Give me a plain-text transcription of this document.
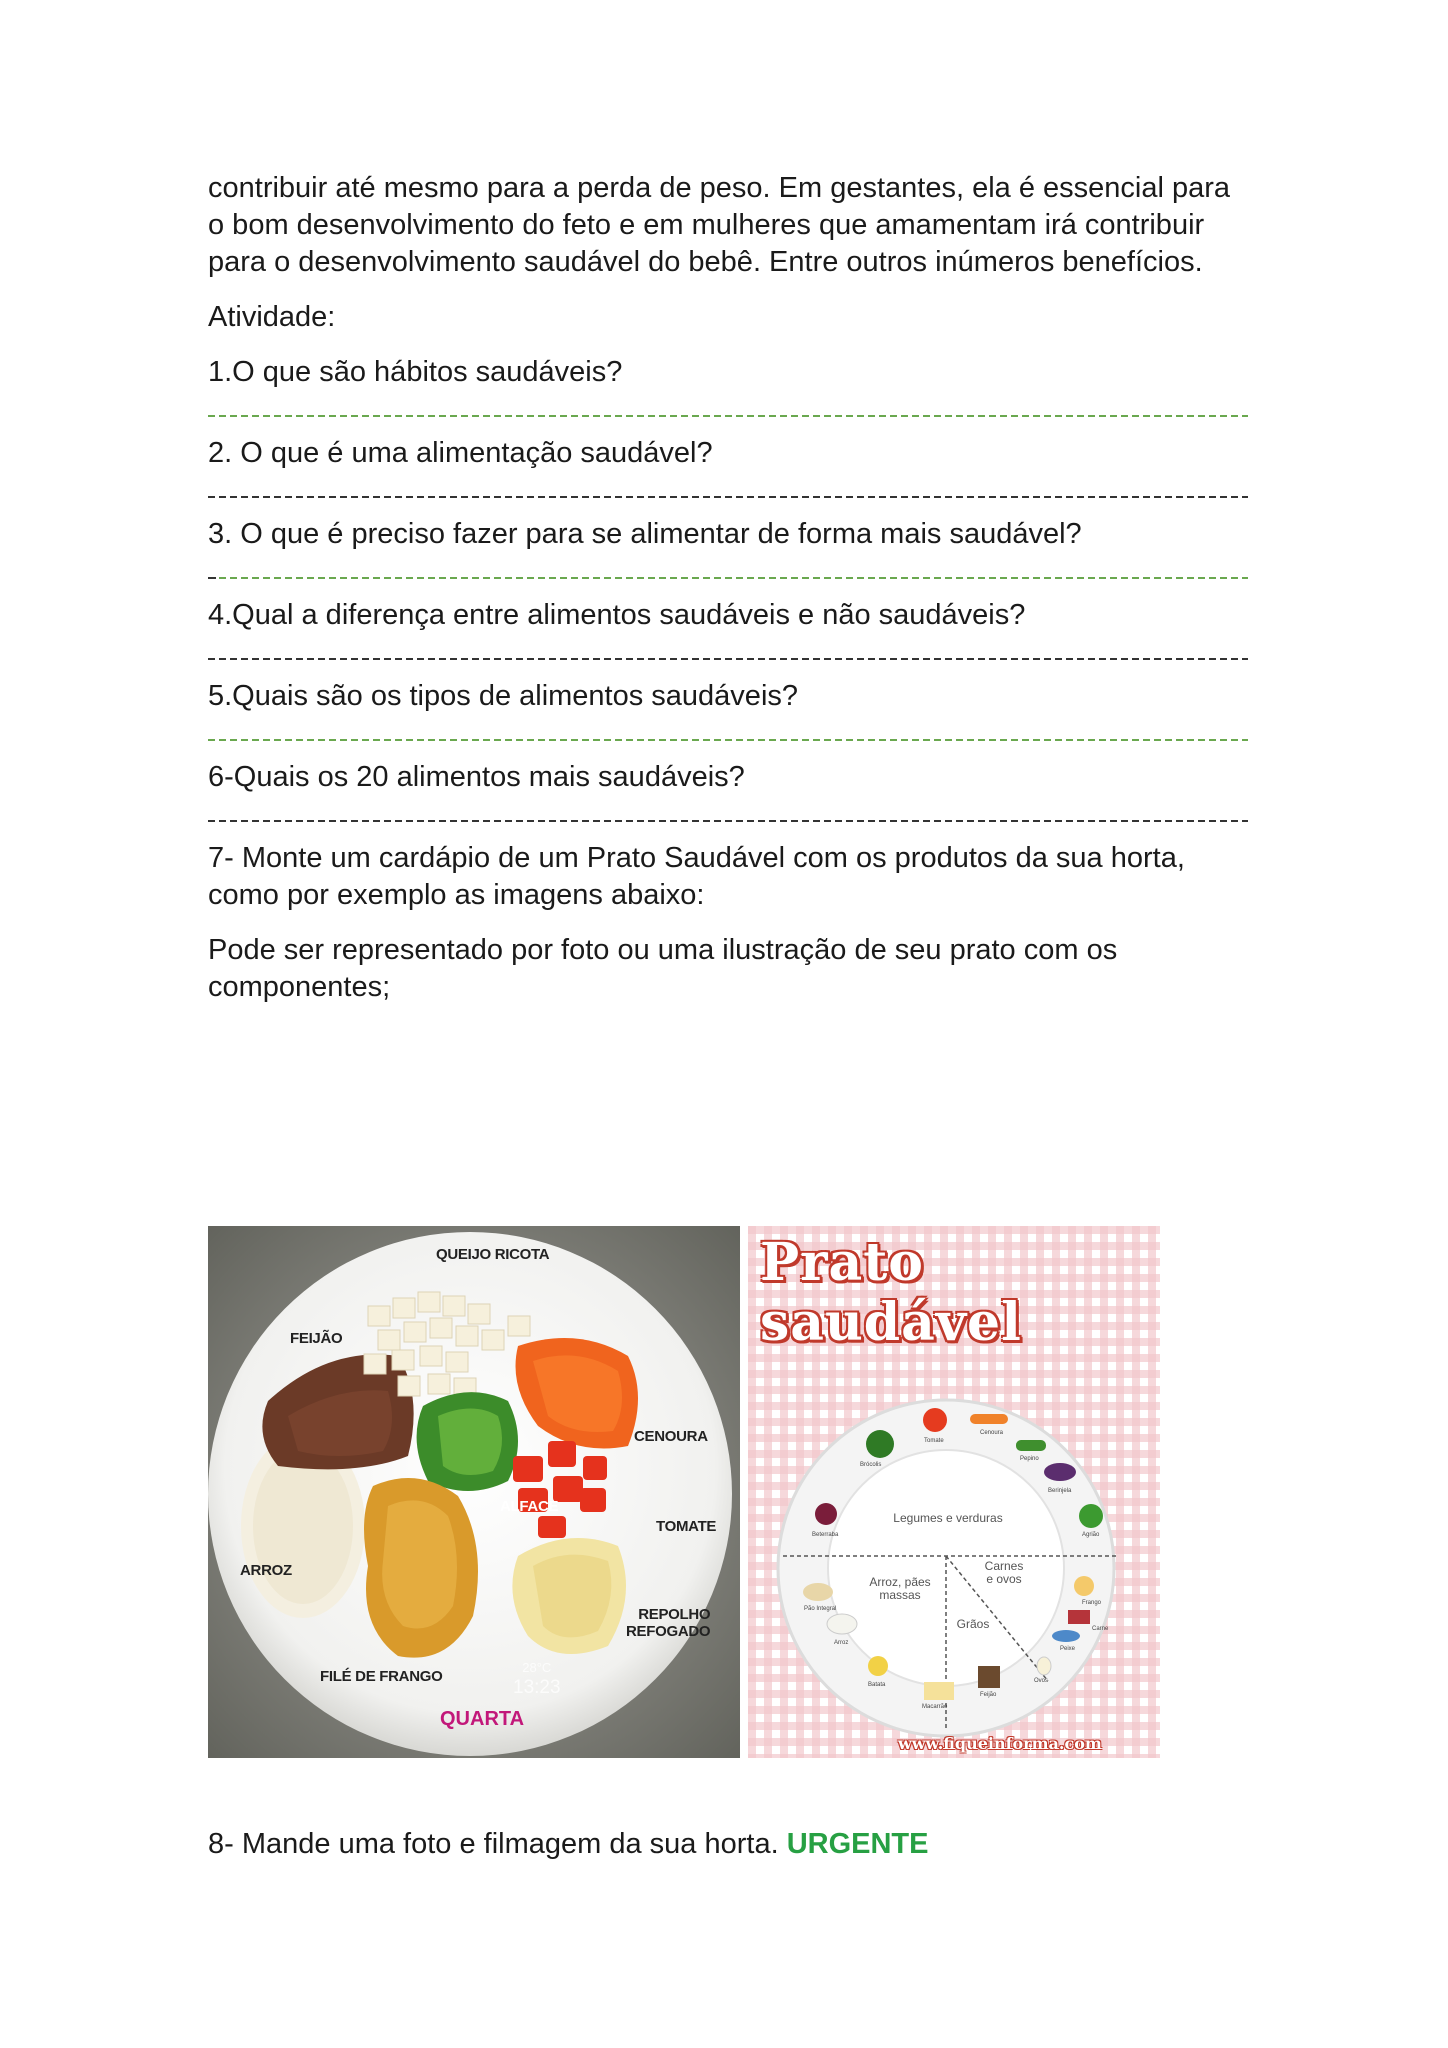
contribuir até mesmo para a perda de peso. Em gestantes, ela é essencial para o bom desenvolvimento do feto e em mulheres que amamentam irá contribuir para o desenvolvimento saudável do bebê. Entre outros inúmeros benefícios.

Atividade:

1.O que são hábitos saudáveis?

2. O que é uma alimentação saudável?

3. O que é preciso fazer para se alimentar de forma mais saudável?

4.Qual a diferença entre alimentos saudáveis e não saudáveis?

5.Quais são os tipos de alimentos saudáveis?

6-Quais os 20 alimentos mais saudáveis?

7- Monte um cardápio de um Prato Saudável com os produtos da sua horta, como por exemplo as imagens abaixo:

Pode ser representado por foto ou uma ilustração de seu prato com os componentes;

QUEIJO RICOTA
FEIJÃO
CENOURA
ALFACE
TOMATE
ARROZ
REPOLHO
REFOGADO
FILÉ DE FRANGO
28°C
13:23
QUARTA
Prato
saudável
Legumes e verduras
Arroz, pães
massas
Carnes
e ovos
Grãos
Brócolis
Tomate
Cenoura
Pepino
Berinjela
Agrião
Beterraba
Pão Integral
Arroz
Batata
Macarrão
Feijão
Frango
Carne
Peixe
Ovos
www.fiqueinforma.com

8- Mande uma foto e filmagem da sua horta. URGENTE
